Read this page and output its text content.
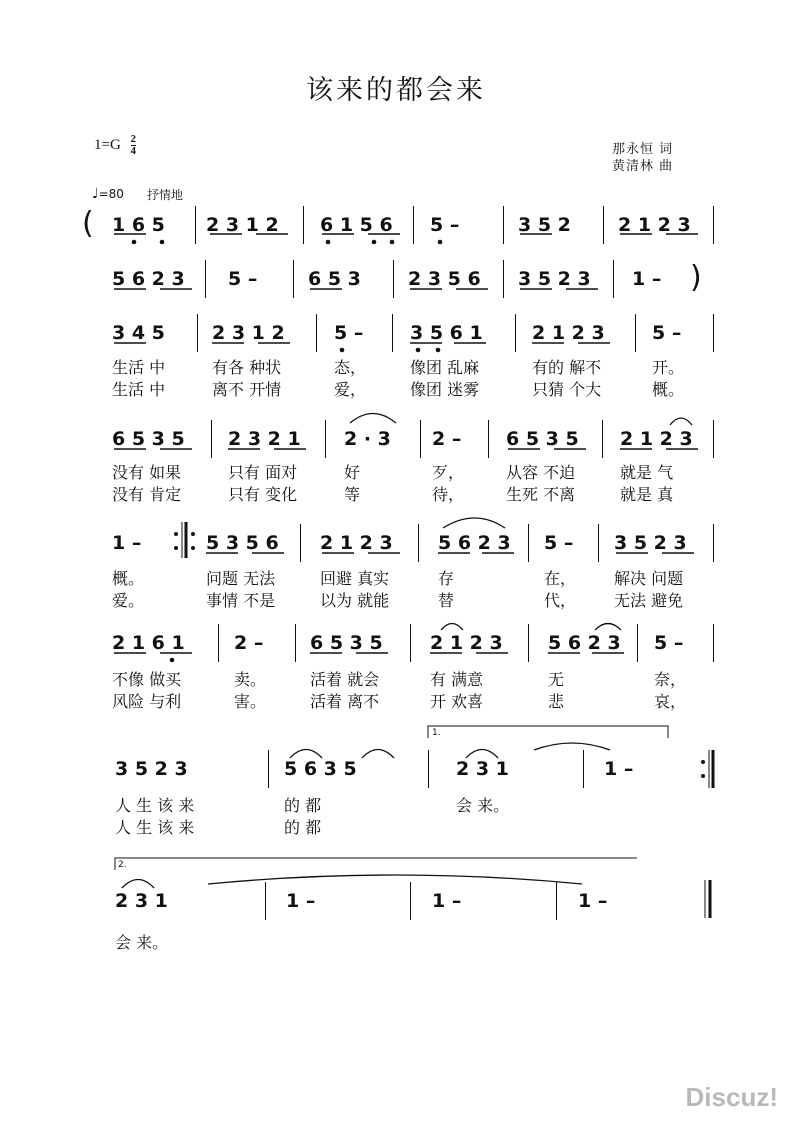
该来的都会来
$1=G \frac{2}{4}$	那永恒 词
黄清林 曲
♩=80 抒情地
1 6 5 2 3 1 2 6 1 5 6 5 –	3 5 2 2 1 2 3
(
5 6 2 3 5 –	6 5 3 2 3 5 6 3 5 2 3 1 – )
3 4 5 2 3 1 2	5 – 3 5 6 1	2 1 2 3 5 –
生活 中	有各 种状	态，	像团 乱麻	有的 解不	开。
生活 中	离不 开情	爱，	像团 迷雾	只猜 个大	概。
6 5 3 5 2 3 2 1 2 · 3 2 – 6 5 3 5 2 1 2 3
没有 如果	只有 面对	好	歹，	从容 不迫	就是 气
没有 肯定	只有 变化	等	待，	生死 不离	就是 真
1 –	5 3 5 6 2 1 2 3 5 6 2 3 5 – 3 5 2 3
概。	问题 无法	回避 真实	存	在， 解决 问题
爱。	事情 不是	以为 就能	替	代， 无法 避免
2 1 6 1	2 – 6 5 3 5 2 1 2 3 5 6 2 3 5 –
不像 做买	卖。	活着 就会	有 满意	无	奈，
风险 与利	害。	活着 离不	开 欢喜	悲	哀，
3 5 2 3	5 6 3 5	2 3 1	1 –
人 生 该 来	的 都	会 来。
人 生 该 来	的 都
2 3 1	1 –	1 –	1 –
会 来。
1.
2.
Discuz!
